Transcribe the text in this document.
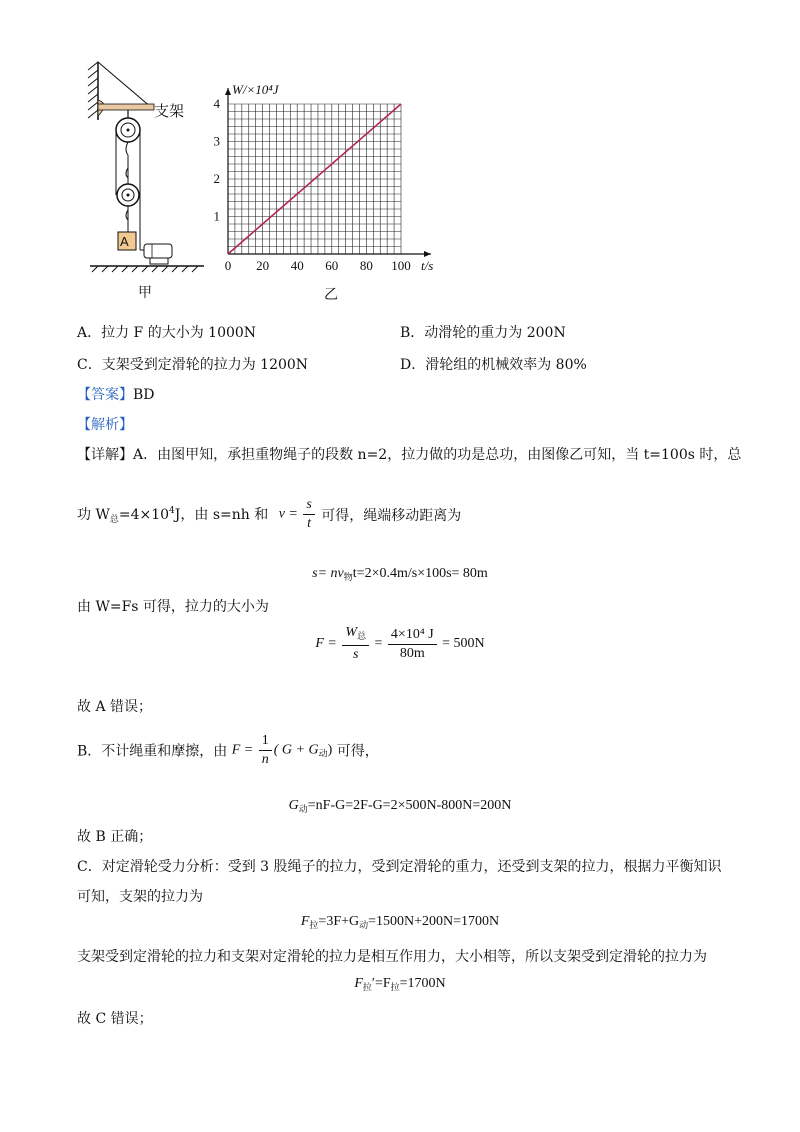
支架
A
甲
0 20 40 60 80 100
1
2
3
4
W/×10⁴J
t/s
乙
A．拉力 F 的大小为 1000N	B．动滑轮的重力为 200N
C．支架受到定滑轮的拉力为 1200N	D．滑轮组的机械效率为 80%
【答案】BD
【解析】
【详解】A．由图甲知，承担重物绳子的段数 n=2，拉力做的功是总功，由图像乙可知，当 t=100s 时，总
功 $W_总=4\times 10^4J$，由 s=nh 和 $v = \frac{s}{t}$ 可得，绳端移动距离为
$s= nv_物t=2\times 0.4m/s\times 100s= 80m$
由 W=Fs 可得，拉力的大小为
$F = \frac{W_总}{s} = \frac{\text{4×10⁴ J}}{80m} = 500N$
故 A 错误；
B．不计绳重和摩擦，由 $F = \frac{1}{n}$ ( $G + G_动$) 可得，
$G_动=nF-G=2F-G=2\times 500N-800N=200N$
故 B 正确；
C．对定滑轮受力分析：受到 3 股绳子的拉力，受到定滑轮的重力，还受到支架的拉力，根据力平衡知识
可知，支架的拉力为
$F_拉=3F+G_动=1500N+200N=1700N$
支架受到定滑轮的拉力和支架对定滑轮的拉力是相互作用力，大小相等，所以支架受到定滑轮的拉力为
$F_拉'=F_拉=1700N$
故 C 错误；
